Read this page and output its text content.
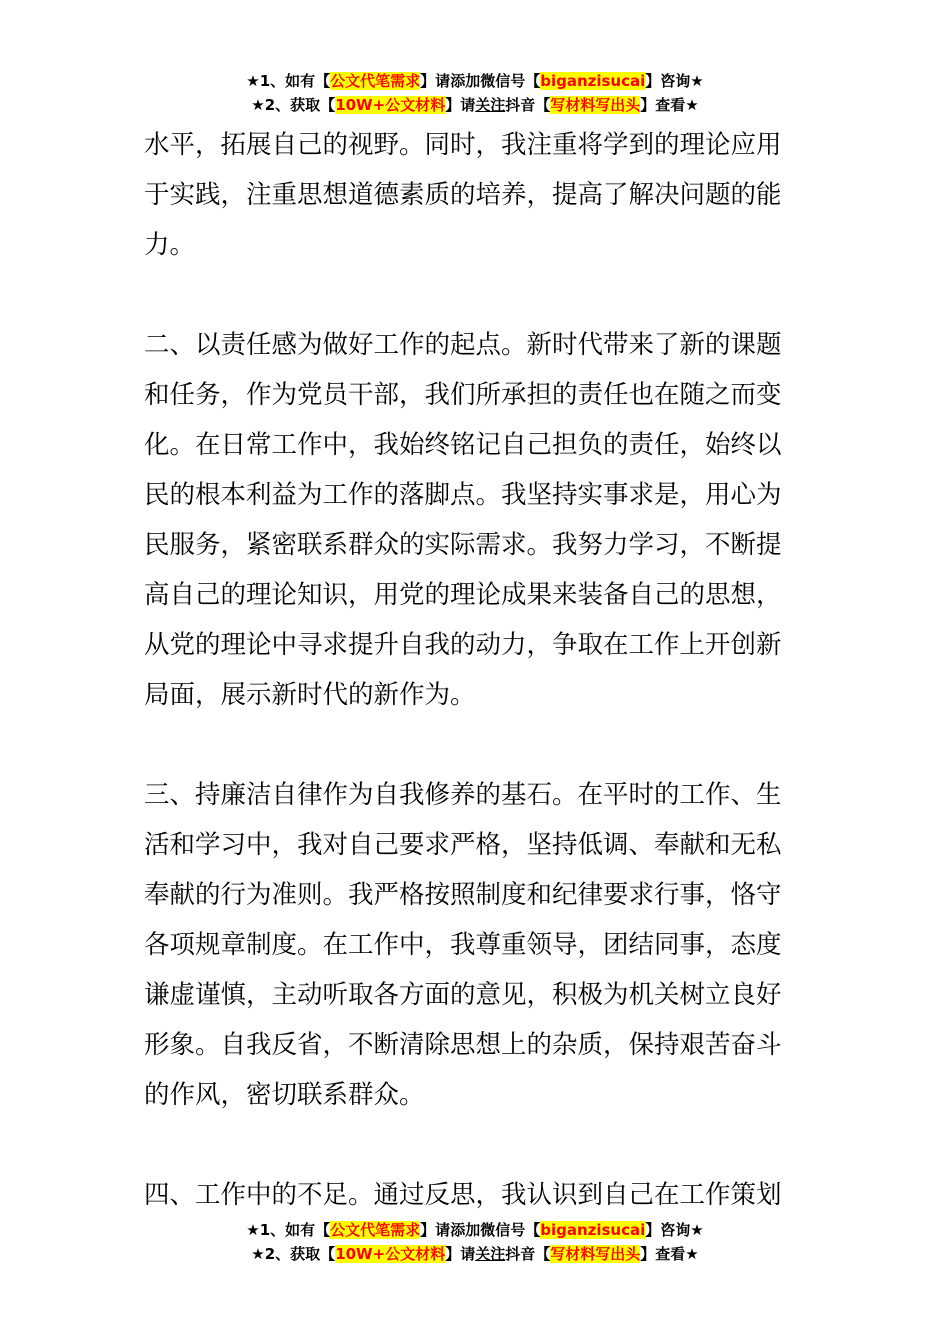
★1、如有【公文代笔需求】请添加微信号【biganzisucai】咨询★
★2、获取【10W+公文材料】请关注抖音【写材料写出头】查看★
水平，拓展自己的视野。同时，我注重将学到的理论应用
于实践，注重思想道德素质的培养，提高了解决问题的能
力。
二、以责任感为做好工作的起点。新时代带来了新的课题
和任务，作为党员干部，我们所承担的责任也在随之而变
化。在日常工作中，我始终铭记自己担负的责任，始终以
民的根本利益为工作的落脚点。我坚持实事求是，用心为
民服务，紧密联系群众的实际需求。我努力学习，不断提
高自己的理论知识，用党的理论成果来装备自己的思想，
从党的理论中寻求提升自我的动力，争取在工作上开创新
局面，展示新时代的新作为。
三、持廉洁自律作为自我修养的基石。在平时的工作、生
活和学习中，我对自己要求严格，坚持低调、奉献和无私
奉献的行为准则。我严格按照制度和纪律要求行事，恪守
各项规章制度。在工作中，我尊重领导，团结同事，态度
谦虚谨慎，主动听取各方面的意见，积极为机关树立良好
形象。自我反省，不断清除思想上的杂质，保持艰苦奋斗
的作风，密切联系群众。
四、工作中的不足。通过反思，我认识到自己在工作策划
★1、如有【公文代笔需求】请添加微信号【biganzisucai】咨询★
★2、获取【10W+公文材料】请关注抖音【写材料写出头】查看★
